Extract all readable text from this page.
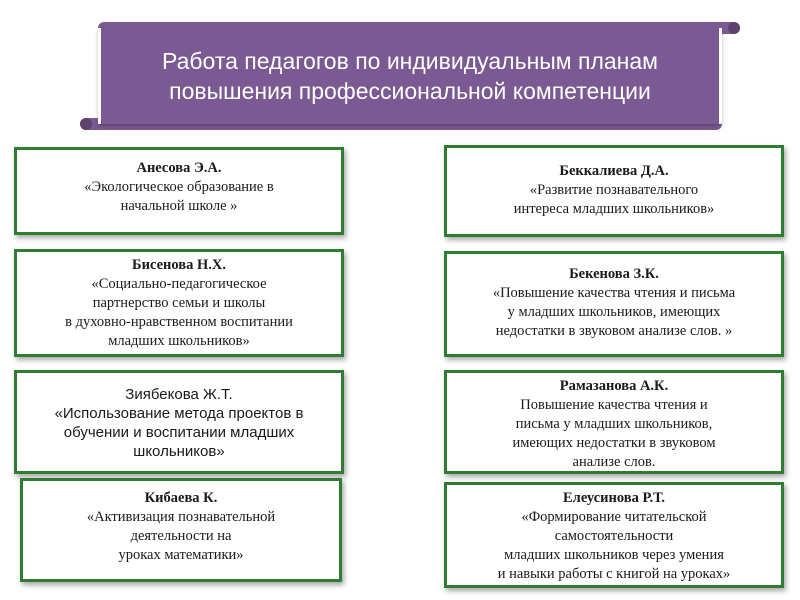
Работа педагогов по индивидуальным планам
повышения профессиональной компетенции
Анесова Э.А.
«Экологическое образование в
начальной школе »
Бисенова Н.Х.
«Социально-педагогическое
партнерство семьи и школы
в духовно-нравственном воспитании
младших школьников»
Зиябекова Ж.Т.
«Использование метода проектов в
обучении и воспитании младших
школьников»
Кибаева К.
«Активизация познавательной
деятельности на
уроках математики»
Беккалиева Д.А.
«Развитие познавательного
интереса младших школьников»
Бекенова З.К.
«Повышение качества чтения и письма
у младших школьников, имеющих
недостатки в звуковом анализе слов. »
Рамазанова А.К.
Повышение качества чтения и
письма у младших школьников,
имеющих недостатки в звуковом
анализе слов.
Елеусинова Р.Т.
«Формирование читательской
самостоятельности
младших школьников через умения
и навыки работы с книгой на уроках»
